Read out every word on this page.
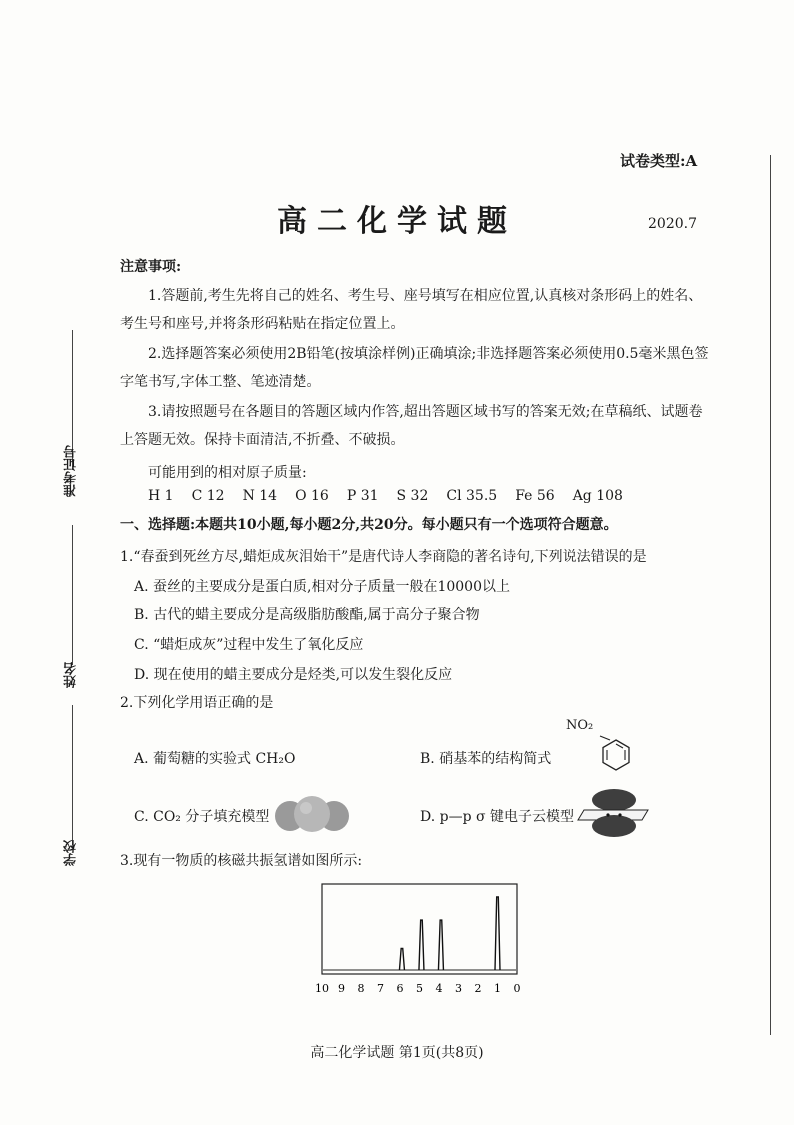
准考证号
姓名
学校
试卷类型:A
高二化学试题	2020.7
注意事项:
1.答题前,考生先将自己的姓名、考生号、座号填写在相应位置,认真核对条形码上的姓名、考生号和座号,并将条形码粘贴在指定位置上。
2.选择题答案必须使用2B铅笔(按填涂样例)正确填涂;非选择题答案必须使用0.5毫米黑色签字笔书写,字体工整、笔迹清楚。
3.请按照题号在各题目的答题区域内作答,超出答题区域书写的答案无效;在草稿纸、试题卷上答题无效。保持卡面清洁,不折叠、不破损。
可能用到的相对原子质量:
H 1 C 12 N 14 O 16 P 31 S 32 Cl 35.5 Fe 56 Ag 108
一、选择题:本题共10小题,每小题2分,共20分。每小题只有一个选项符合题意。
1.“春蚕到死丝方尽,蜡炬成灰泪始干”是唐代诗人李商隐的著名诗句,下列说法错误的是
A. 蚕丝的主要成分是蛋白质,相对分子质量一般在10000以上
B. 古代的蜡主要成分是高级脂肪酸酯,属于高分子聚合物
C. “蜡炬成灰”过程中发生了氧化反应
D. 现在使用的蜡主要成分是烃类,可以发生裂化反应
2.下列化学用语正确的是
A. 葡萄糖的实验式 CH₂O	B. 硝基苯的结构简式
NO₂
C. CO₂ 分子填充模型	D. p—p σ 键电子云模型
3.现有一物质的核磁共振氢谱如图所示:
10 9 8 7 6 5 4 3 2 1 0
高二化学试题 第1页(共8页)
